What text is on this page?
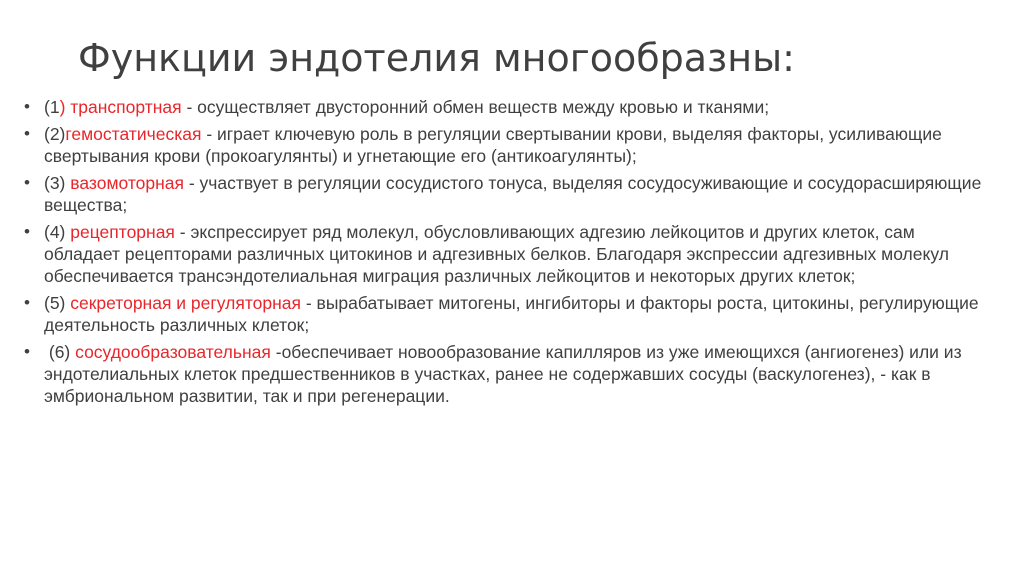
Функции эндотелия многообразны:
• (1) транспортная - осуществляет двусторонний обмен веществ между кровью и тканями;
• (2)гемостатическая - играет ключевую роль в регуляции свертывании крови, выделяя факторы, усиливающие свертывания крови (прокоагулянты) и угнетающие его (антикоагулянты);
• (3) вазомоторная - участвует в регуляции сосудистого тонуса, выделяя сосудосуживающие и сосудорасширяющие вещества;
• (4) рецепторная - экспрессирует ряд молекул, обусловливающих адгезию лейкоцитов и других клеток, сам обладает рецепторами различных цитокинов и адгезивных белков. Благодаря экспрессии адгезивных молекул обеспечивается трансэндотелиальная миграция различных лейкоцитов и некоторых других клеток;
• (5) секреторная и регуляторная - вырабатывает митогены, ингибиторы и факторы роста, цитокины, регулирующие деятельность различных клеток;
• (6) сосудообразовательная -обеспечивает новообразование капилляров из уже имеющихся (ангиогенез) или из эндотелиальных клеток предшественников в участках, ранее не содержавших сосуды (васкулогенез), - как в эмбриональном развитии, так и при регенерации.
